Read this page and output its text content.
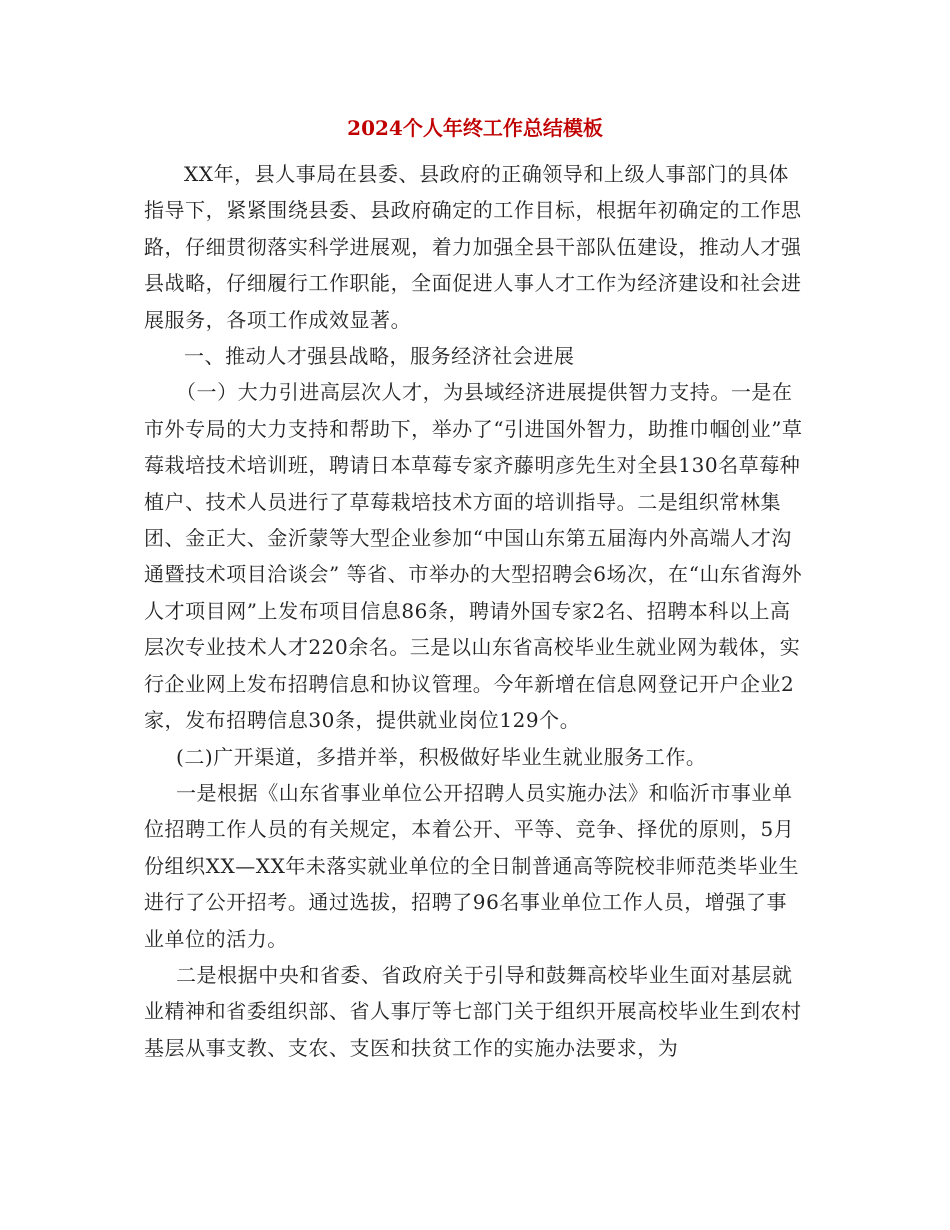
2024个人年终工作总结模板

XX年，县人事局在县委、县政府的正确领导和上级人事部门的具体指导下，紧紧围绕县委、县政府确定的工作目标，根据年初确定的工作思路，仔细贯彻落实科学进展观，着力加强全县干部队伍建设，推动人才强县战略，仔细履行工作职能，全面促进人事人才工作为经济建设和社会进展服务，各项工作成效显著。

一、推动人才强县战略，服务经济社会进展

（一）大力引进高层次人才，为县域经济进展提供智力支持。一是在市外专局的大力支持和帮助下，举办了“引进国外智力，助推巾帼创业”草莓栽培技术培训班，聘请日本草莓专家齐藤明彦先生对全县130名草莓种植户、技术人员进行了草莓栽培技术方面的培训指导。二是组织常林集团、金正大、金沂蒙等大型企业参加“中国山东第五届海内外高端人才沟通暨技术项目洽谈会” 等省、市举办的大型招聘会6场次，在“山东省海外人才项目网”上发布项目信息86条，聘请外国专家2名、招聘本科以上高层次专业技术人才220余名。三是以山东省高校毕业生就业网为载体，实行企业网上发布招聘信息和协议管理。今年新增在信息网登记开户企业2家，发布招聘信息30条，提供就业岗位129个。

(二)广开渠道，多措并举，积极做好毕业生就业服务工作。

一是根据《山东省事业单位公开招聘人员实施办法》和临沂市事业单位招聘工作人员的有关规定，本着公开、平等、竞争、择优的原则，5月份组织XX—XX年未落实就业单位的全日制普通高等院校非师范类毕业生进行了公开招考。通过选拔，招聘了96名事业单位工作人员，增强了事业单位的活力。

二是根据中央和省委、省政府关于引导和鼓舞高校毕业生面对基层就业精神和省委组织部、省人事厅等七部门关于组织开展高校毕业生到农村基层从事支教、支农、支医和扶贫工作的实施办法要求，为
